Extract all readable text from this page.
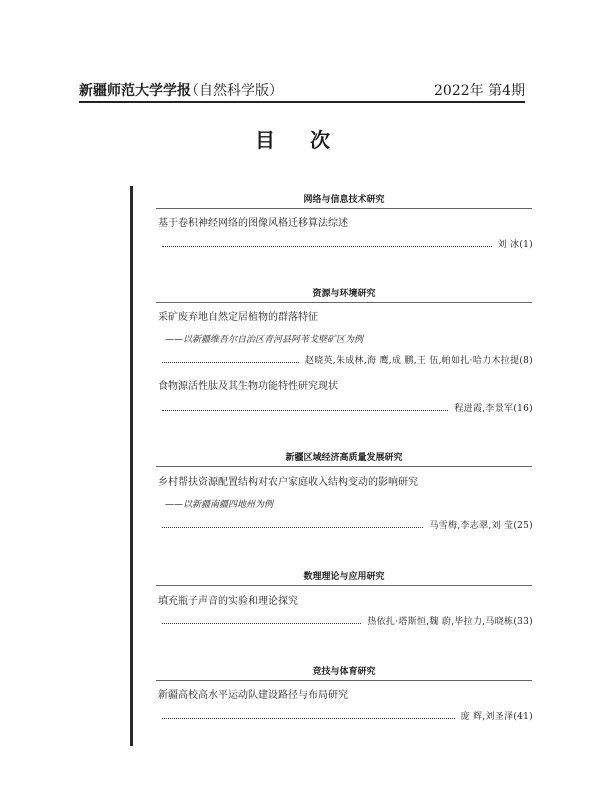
新疆师范大学学报
（自然科学版）	2022年 第4期
目 次
网络与信息技术研究
基于卷积神经网络的图像风格迁移算法综述
刘 冰(1)
资源与环境研究
采矿废弃地自然定居植物的群落特征
——以新疆维吾尔自治区青河县阿苇戈壁矿区为例
赵晓英,朱成林,海 鹰,成 鹏,王 伍,帕如扎·哈力木拉提(8)
食物源活性肽及其生物功能特性研究现状
程进霞,李景军(16)
新疆区域经济高质量发展研究
乡村帮扶资源配置结构对农户家庭收入结构变动的影响研究
——以新疆南疆四地州为例
马雪梅,李志翠,刘 莹(25)
数理理论与应用研究
填充瓶子声音的实验和理论探究
热依扎·塔斯恒,魏 蔚,毕拉力,马晓栋(33)
竞技与体育研究
新疆高校高水平运动队建设路径与布局研究
庞 辉,刘圣泽(41)
